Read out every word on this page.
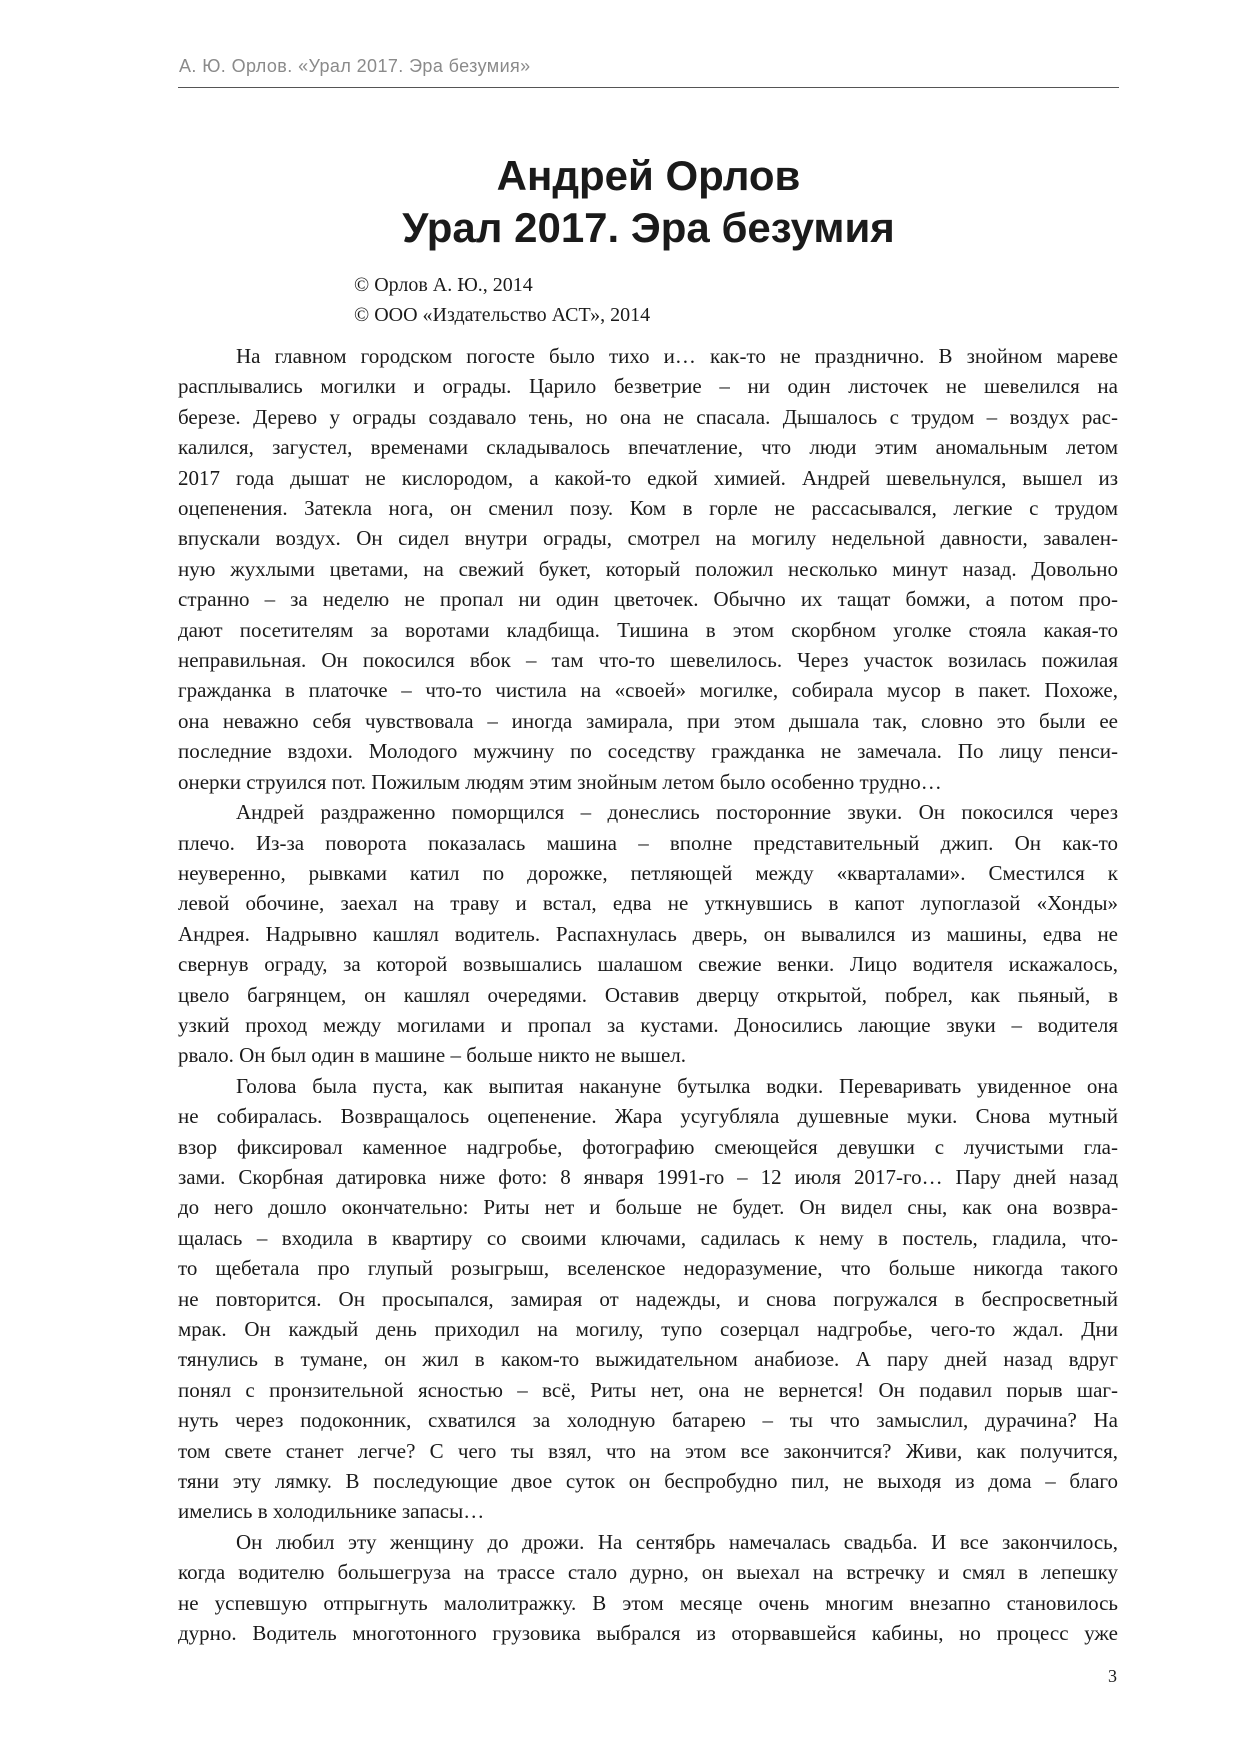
А. Ю. Орлов. «Урал 2017. Эра безумия»
Андрей Орлов
Урал 2017. Эра безумия
© Орлов А. Ю., 2014
© ООО «Издательство АСТ», 2014
На главном городском погосте было тихо и… как-то не празднично. В знойном мареве
расплывались могилки и ограды. Царило безветрие – ни один листочек не шевелился на
березе. Дерево у ограды создавало тень, но она не спасала. Дышалось с трудом – воздух рас-
калился, загустел, временами складывалось впечатление, что люди этим аномальным летом
2017 года дышат не кислородом, а какой-то едкой химией. Андрей шевельнулся, вышел из
оцепенения. Затекла нога, он сменил позу. Ком в горле не рассасывался, легкие с трудом
впускали воздух. Он сидел внутри ограды, смотрел на могилу недельной давности, завален-
ную жухлыми цветами, на свежий букет, который положил несколько минут назад. Довольно
странно – за неделю не пропал ни один цветочек. Обычно их тащат бомжи, а потом про-
дают посетителям за воротами кладбища. Тишина в этом скорбном уголке стояла какая-то
неправильная. Он покосился вбок – там что-то шевелилось. Через участок возилась пожилая
гражданка в платочке – что-то чистила на «своей» могилке, собирала мусор в пакет. Похоже,
она неважно себя чувствовала – иногда замирала, при этом дышала так, словно это были ее
последние вздохи. Молодого мужчину по соседству гражданка не замечала. По лицу пенси-
онерки струился пот. Пожилым людям этим знойным летом было особенно трудно…
Андрей раздраженно поморщился – донеслись посторонние звуки. Он покосился через
плечо. Из-за поворота показалась машина – вполне представительный джип. Он как-то
неуверенно, рывками катил по дорожке, петляющей между «кварталами». Сместился к
левой обочине, заехал на траву и встал, едва не уткнувшись в капот лупоглазой «Хонды»
Андрея. Надрывно кашлял водитель. Распахнулась дверь, он вывалился из машины, едва не
свернув ограду, за которой возвышались шалашом свежие венки. Лицо водителя искажалось,
цвело багрянцем, он кашлял очередями. Оставив дверцу открытой, побрел, как пьяный, в
узкий проход между могилами и пропал за кустами. Доносились лающие звуки – водителя
рвало. Он был один в машине – больше никто не вышел.
Голова была пуста, как выпитая накануне бутылка водки. Переваривать увиденное она
не собиралась. Возвращалось оцепенение. Жара усугубляла душевные муки. Снова мутный
взор фиксировал каменное надгробье, фотографию смеющейся девушки с лучистыми гла-
зами. Скорбная датировка ниже фото: 8 января 1991-го – 12 июля 2017-го… Пару дней назад
до него дошло окончательно: Риты нет и больше не будет. Он видел сны, как она возвра-
щалась – входила в квартиру со своими ключами, садилась к нему в постель, гладила, что-
то щебетала про глупый розыгрыш, вселенское недоразумение, что больше никогда такого
не повторится. Он просыпался, замирая от надежды, и снова погружался в беспросветный
мрак. Он каждый день приходил на могилу, тупо созерцал надгробье, чего-то ждал. Дни
тянулись в тумане, он жил в каком-то выжидательном анабиозе. А пару дней назад вдруг
понял с пронзительной ясностью – всё, Риты нет, она не вернется! Он подавил порыв шаг-
нуть через подоконник, схватился за холодную батарею – ты что замыслил, дурачина? На
том свете станет легче? С чего ты взял, что на этом все закончится? Живи, как получится,
тяни эту лямку. В последующие двое суток он беспробудно пил, не выходя из дома – благо
имелись в холодильнике запасы…
Он любил эту женщину до дрожи. На сентябрь намечалась свадьба. И все закончилось,
когда водителю большегруза на трассе стало дурно, он выехал на встречку и смял в лепешку
не успевшую отпрыгнуть малолитражку. В этом месяце очень многим внезапно становилось
дурно. Водитель многотонного грузовика выбрался из оторвавшейся кабины, но процесс уже
3
